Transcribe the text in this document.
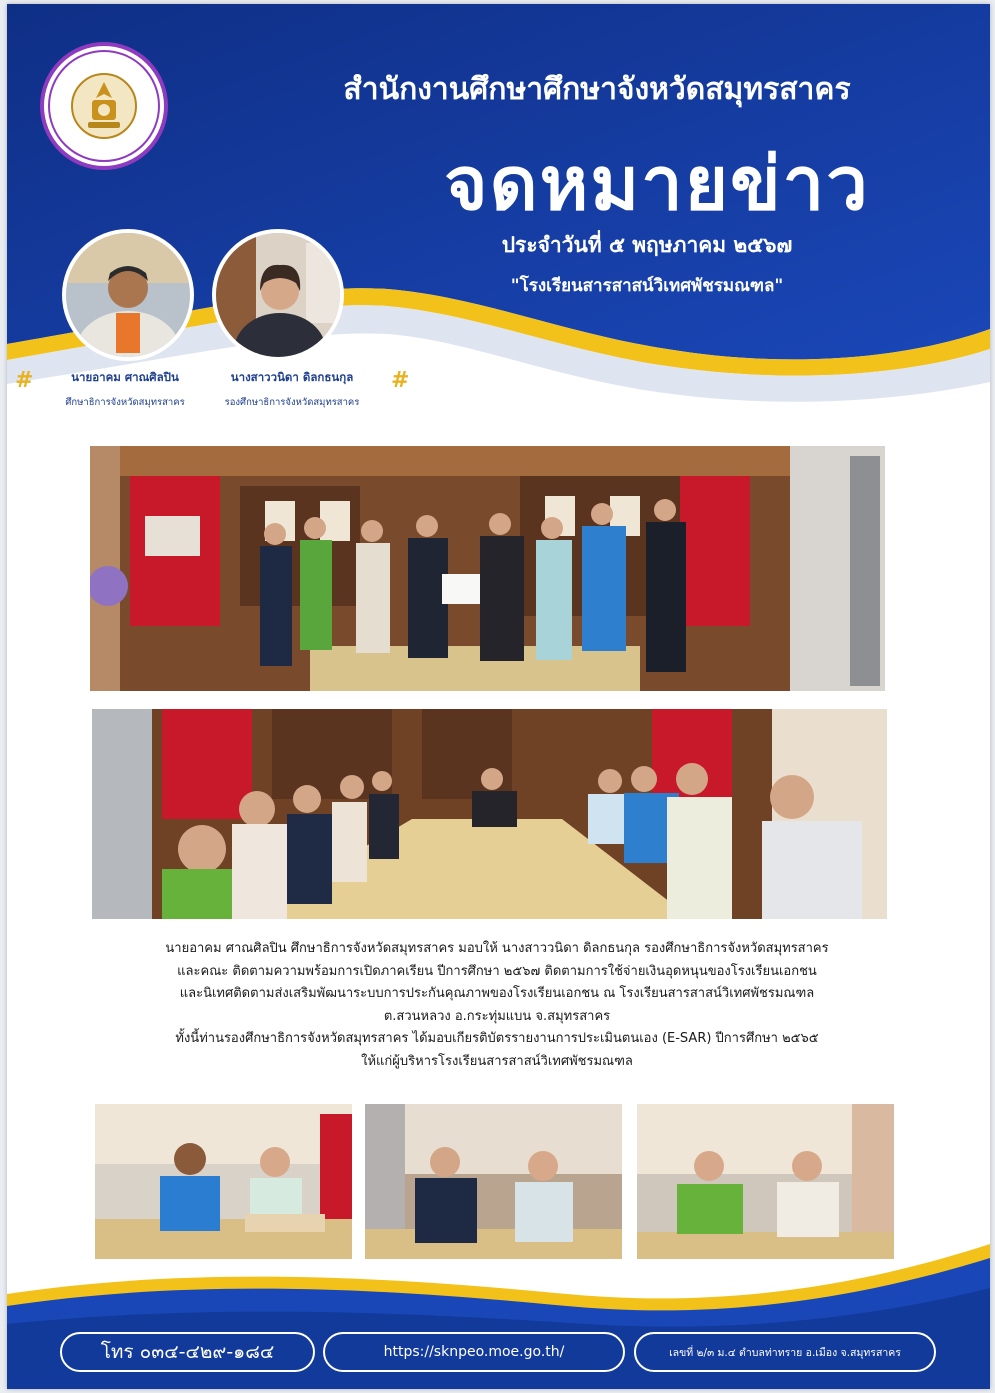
สำนักงานศึกษาศึกษาจังหวัดสมุทรสาคร
จดหมายข่าว
ประจำวันที่ ๕ พฤษภาคม ๒๕๖๗
"โรงเรียนสารสาสน์วิเทศพัชรมณฑล"
#	#
นายอาคม ศาณศิลปิน
ศึกษาธิการจังหวัดสมุทรสาคร
นางสาววนิดา ดิลกธนกุล
รองศึกษาธิการจังหวัดสมุทรสาคร

นายอาคม ศาณศิลปิน ศึกษาธิการจังหวัดสมุทรสาคร มอบให้ นางสาววนิดา ดิลกธนกุล รองศึกษาธิการจังหวัดสมุทรสาคร

และคณะ ติดตามความพร้อมการเปิดภาคเรียน ปีการศึกษา ๒๕๖๗ ติดตามการใช้จ่ายเงินอุดหนุนของโรงเรียนเอกชน

และนิเทศติดตามส่งเสริมพัฒนาระบบการประกันคุณภาพของโรงเรียนเอกชน ณ โรงเรียนสารสาสน์วิเทศพัชรมณฑล

ต.สวนหลวง อ.กระทุ่มแบน จ.สมุทรสาคร

ทั้งนี้ท่านรองศึกษาธิการจังหวัดสมุทรสาคร ได้มอบเกียรติบัตรรายงานการประเมินตนเอง (E-SAR) ปีการศึกษา ๒๕๖๕

ให้แก่ผู้บริหารโรงเรียนสารสาสน์วิเทศพัชรมณฑล

โทร ๐๓๔-๔๒๙-๑๘๔	https://sknpeo.moe.go.th/	เลขที่ ๒/๓ ม.๔ ตำบลท่าทราย อ.เมือง จ.สมุทรสาคร
